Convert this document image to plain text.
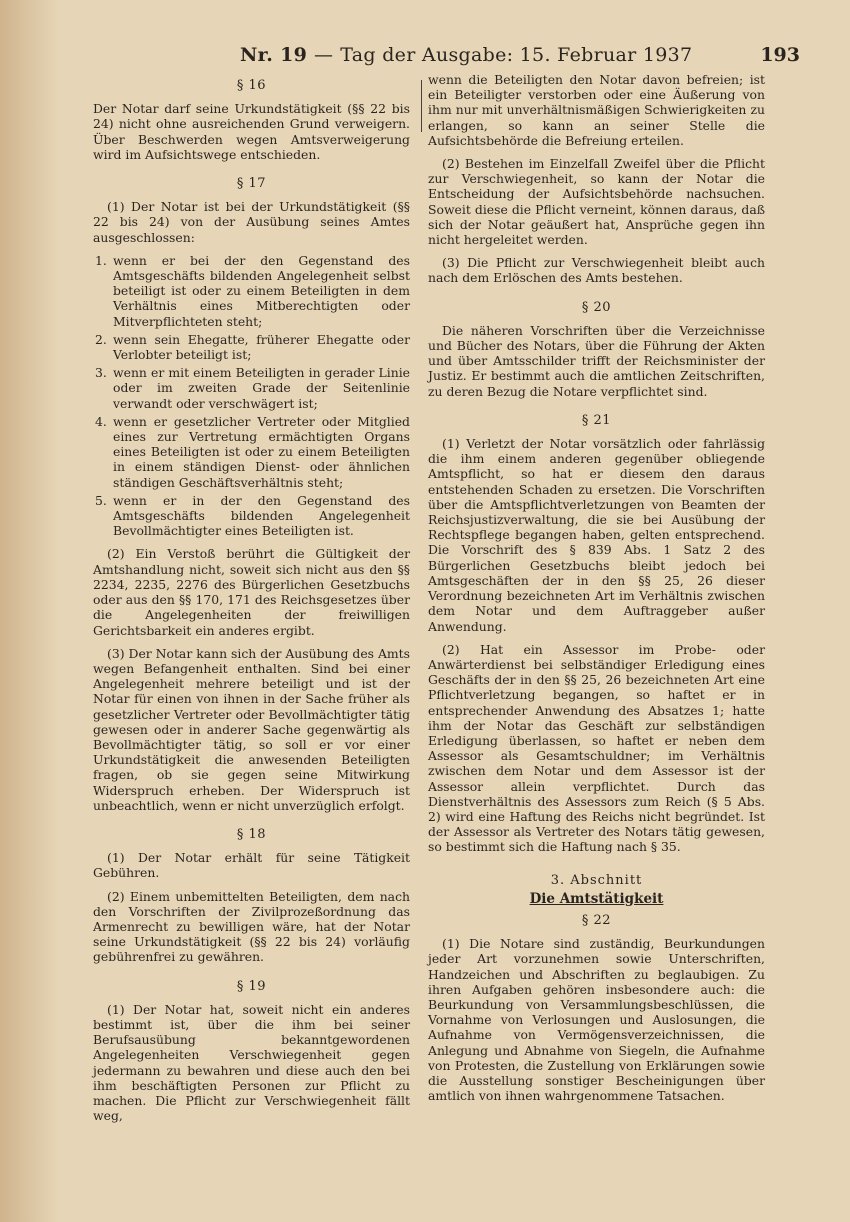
Nr. 19 — Tag der Ausgabe: 15. Februar 1937	193
§ 16

Der Notar darf seine Urkundstätigkeit (§§ 22 bis 24) nicht ohne ausreichenden Grund verweigern. Über Beschwerden wegen Amtsverweigerung wird im Aufsichtswege entschieden.

§ 17

(1) Der Notar ist bei der Urkundstätigkeit (§§ 22 bis 24) von der Ausübung seines Amtes ausgeschlossen:

1. wenn er bei der den Gegenstand des Amtsgeschäfts bildenden Angelegenheit selbst beteiligt ist oder zu einem Beteiligten in dem Verhältnis eines Mitberechtigten oder Mitverpflichteten steht;
2. wenn sein Ehegatte, früherer Ehegatte oder Verlobter beteiligt ist;
3. wenn er mit einem Beteiligten in gerader Linie oder im zweiten Grade der Seitenlinie verwandt oder verschwägert ist;
4. wenn er gesetzlicher Vertreter oder Mitglied eines zur Vertretung ermächtigten Organs eines Beteiligten ist oder zu einem Beteiligten in einem ständigen Dienst- oder ähnlichen ständigen Geschäftsverhältnis steht;
5. wenn er in der den Gegenstand des Amtsgeschäfts bildenden Angelegenheit Bevollmächtigter eines Beteiligten ist.

(2) Ein Verstoß berührt die Gültigkeit der Amtshandlung nicht, soweit sich nicht aus den §§ 2234, 2235, 2276 des Bürgerlichen Gesetzbuchs oder aus den §§ 170, 171 des Reichsgesetzes über die Angelegenheiten der freiwilligen Gerichtsbarkeit ein anderes ergibt.

(3) Der Notar kann sich der Ausübung des Amts wegen Befangenheit enthalten. Sind bei einer Angelegenheit mehrere beteiligt und ist der Notar für einen von ihnen in der Sache früher als gesetzlicher Vertreter oder Bevollmächtigter tätig gewesen oder in anderer Sache gegenwärtig als Bevollmächtigter tätig, so soll er vor einer Urkundstätigkeit die anwesenden Beteiligten fragen, ob sie gegen seine Mitwirkung Widerspruch erheben. Der Widerspruch ist unbeachtlich, wenn er nicht unverzüglich erfolgt.

§ 18

(1) Der Notar erhält für seine Tätigkeit Gebühren.

(2) Einem unbemittelten Beteiligten, dem nach den Vorschriften der Zivilprozeßordnung das Armenrecht zu bewilligen wäre, hat der Notar seine Urkundstätigkeit (§§ 22 bis 24) vorläufig gebührenfrei zu gewähren.

§ 19

(1) Der Notar hat, soweit nicht ein anderes bestimmt ist, über die ihm bei seiner Berufsausübung bekanntgewordenen Angelegenheiten Verschwiegenheit gegen jedermann zu bewahren und diese auch den bei ihm beschäftigten Personen zur Pflicht zu machen. Die Pflicht zur Verschwiegenheit fällt weg,

wenn die Beteiligten den Notar davon befreien; ist ein Beteiligter verstorben oder eine Äußerung von ihm nur mit unverhältnismäßigen Schwierigkeiten zu erlangen, so kann an seiner Stelle die Aufsichtsbehörde die Befreiung erteilen.

(2) Bestehen im Einzelfall Zweifel über die Pflicht zur Verschwiegenheit, so kann der Notar die Entscheidung der Aufsichtsbehörde nachsuchen. Soweit diese die Pflicht verneint, können daraus, daß sich der Notar geäußert hat, Ansprüche gegen ihn nicht hergeleitet werden.

(3) Die Pflicht zur Verschwiegenheit bleibt auch nach dem Erlöschen des Amts bestehen.

§ 20

Die näheren Vorschriften über die Verzeichnisse und Bücher des Notars, über die Führung der Akten und über Amtsschilder trifft der Reichsminister der Justiz. Er bestimmt auch die amtlichen Zeitschriften, zu deren Bezug die Notare verpflichtet sind.

§ 21

(1) Verletzt der Notar vorsätzlich oder fahrlässig die ihm einem anderen gegenüber obliegende Amtspflicht, so hat er diesem den daraus entstehenden Schaden zu ersetzen. Die Vorschriften über die Amtspflichtverletzungen von Beamten der Reichsjustizverwaltung, die sie bei Ausübung der Rechtspflege begangen haben, gelten entsprechend. Die Vorschrift des § 839 Abs. 1 Satz 2 des Bürgerlichen Gesetzbuchs bleibt jedoch bei Amtsgeschäften der in den §§ 25, 26 dieser Verordnung bezeichneten Art im Verhältnis zwischen dem Notar und dem Auftraggeber außer Anwendung.

(2) Hat ein Assessor im Probe- oder Anwärterdienst bei selbständiger Erledigung eines Geschäfts der in den §§ 25, 26 bezeichneten Art eine Pflichtverletzung begangen, so haftet er in entsprechender Anwendung des Absatzes 1; hatte ihm der Notar das Geschäft zur selbständigen Erledigung überlassen, so haftet er neben dem Assessor als Gesamtschuldner; im Verhältnis zwischen dem Notar und dem Assessor ist der Assessor allein verpflichtet. Durch das Dienstverhältnis des Assessors zum Reich (§ 5 Abs. 2) wird eine Haftung des Reichs nicht begründet. Ist der Assessor als Vertreter des Notars tätig gewesen, so bestimmt sich die Haftung nach § 35.

3. Abschnitt
Die Amtstätigkeit
§ 22

(1) Die Notare sind zuständig, Beurkundungen jeder Art vorzunehmen sowie Unterschriften, Handzeichen und Abschriften zu beglaubigen. Zu ihren Aufgaben gehören insbesondere auch: die Beurkundung von Versammlungsbeschlüssen, die Vornahme von Verlosungen und Auslosungen, die Aufnahme von Vermögensverzeichnissen, die Anlegung und Abnahme von Siegeln, die Aufnahme von Protesten, die Zustellung von Erklärungen sowie die Ausstellung sonstiger Bescheinigungen über amtlich von ihnen wahrgenommene Tatsachen.
